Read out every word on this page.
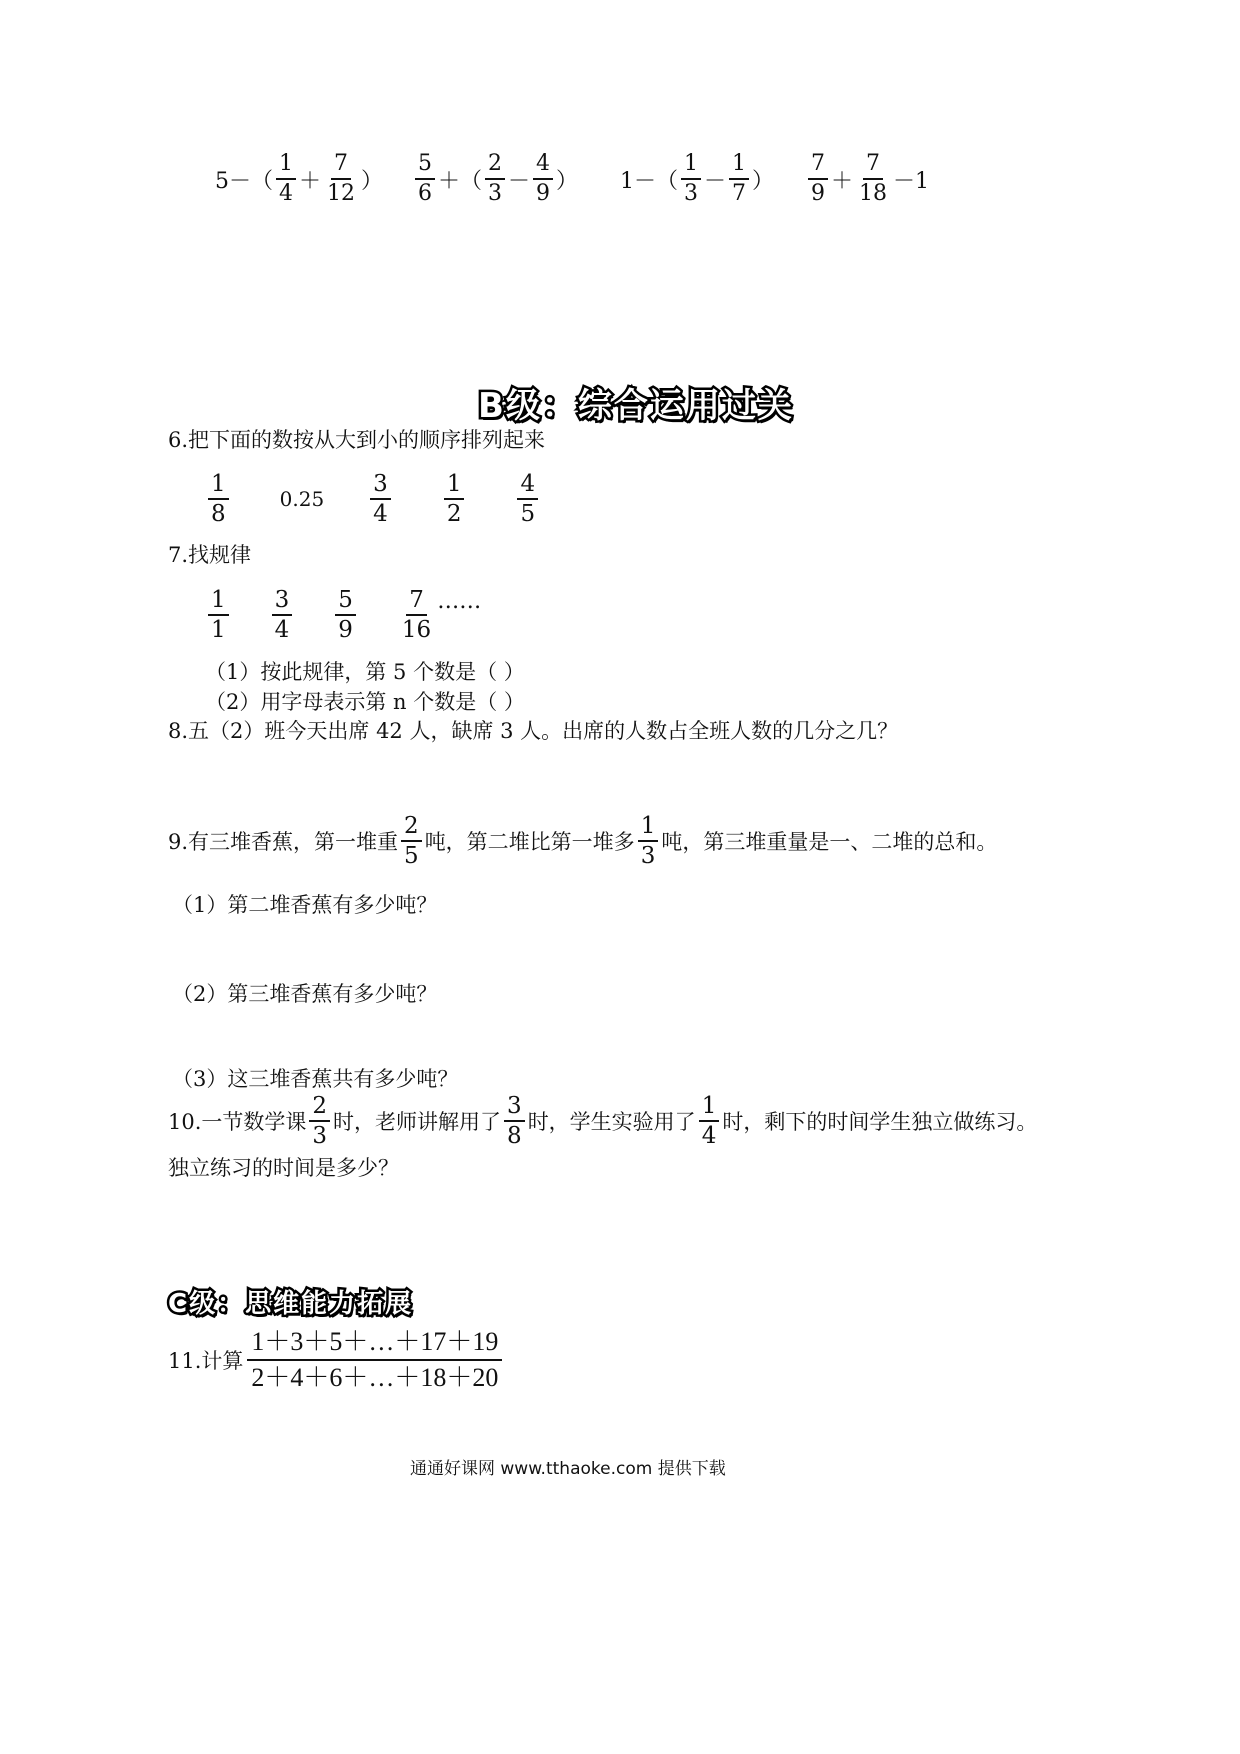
$5-( \frac{1}{4} + \frac{7}{12}$ ） $\frac{5}{6}$ ＋（ $\frac{2}{3} - \frac{4}{9}$ ） $1-( \frac{1}{3} - \frac{1}{7}$ ） $\frac{7}{9} + \frac{7}{18} -1$
B级：综合运用过关
6.把下面的数按从大到小的顺序排列起来
$\frac{1}{8}$	$0.25 \frac{3}{4} \frac{1}{2} \frac{4}{5}$
7.找规律
$\frac{1}{1} \frac{3}{4} \frac{5}{9} \frac{7}{16}$ ……
（1）按此规律，第 5 个数是（ ）
（2）用字母表示第 n 个数是（ ）
8.五（2）班今天出席 42 人，缺席 3 人。出席的人数占全班人数的几分之几？
9.有三堆香蕉，第一堆重 $\frac{2}{5}$ 吨，第二堆比第一堆多 $\frac{1}{3}$ 吨，第三堆重量是一、二堆的总和。
（1）第二堆香蕉有多少吨？
（2）第三堆香蕉有多少吨？
（3）这三堆香蕉共有多少吨？
10.一节数学课 $\frac{2}{3}$ 时，老师讲解用了 $\frac{3}{8}$ 时，学生实验用了 $\frac{1}{4}$ 时，剩下的时间学生独立做练习。
独立练习的时间是多少？
C级：思维能力拓展
11.计算 $\frac{1+3+5+\dots+17+19}{2+4+6+\dots+18+20}$
通通好课网 www.tthaoke.com 提供下载
